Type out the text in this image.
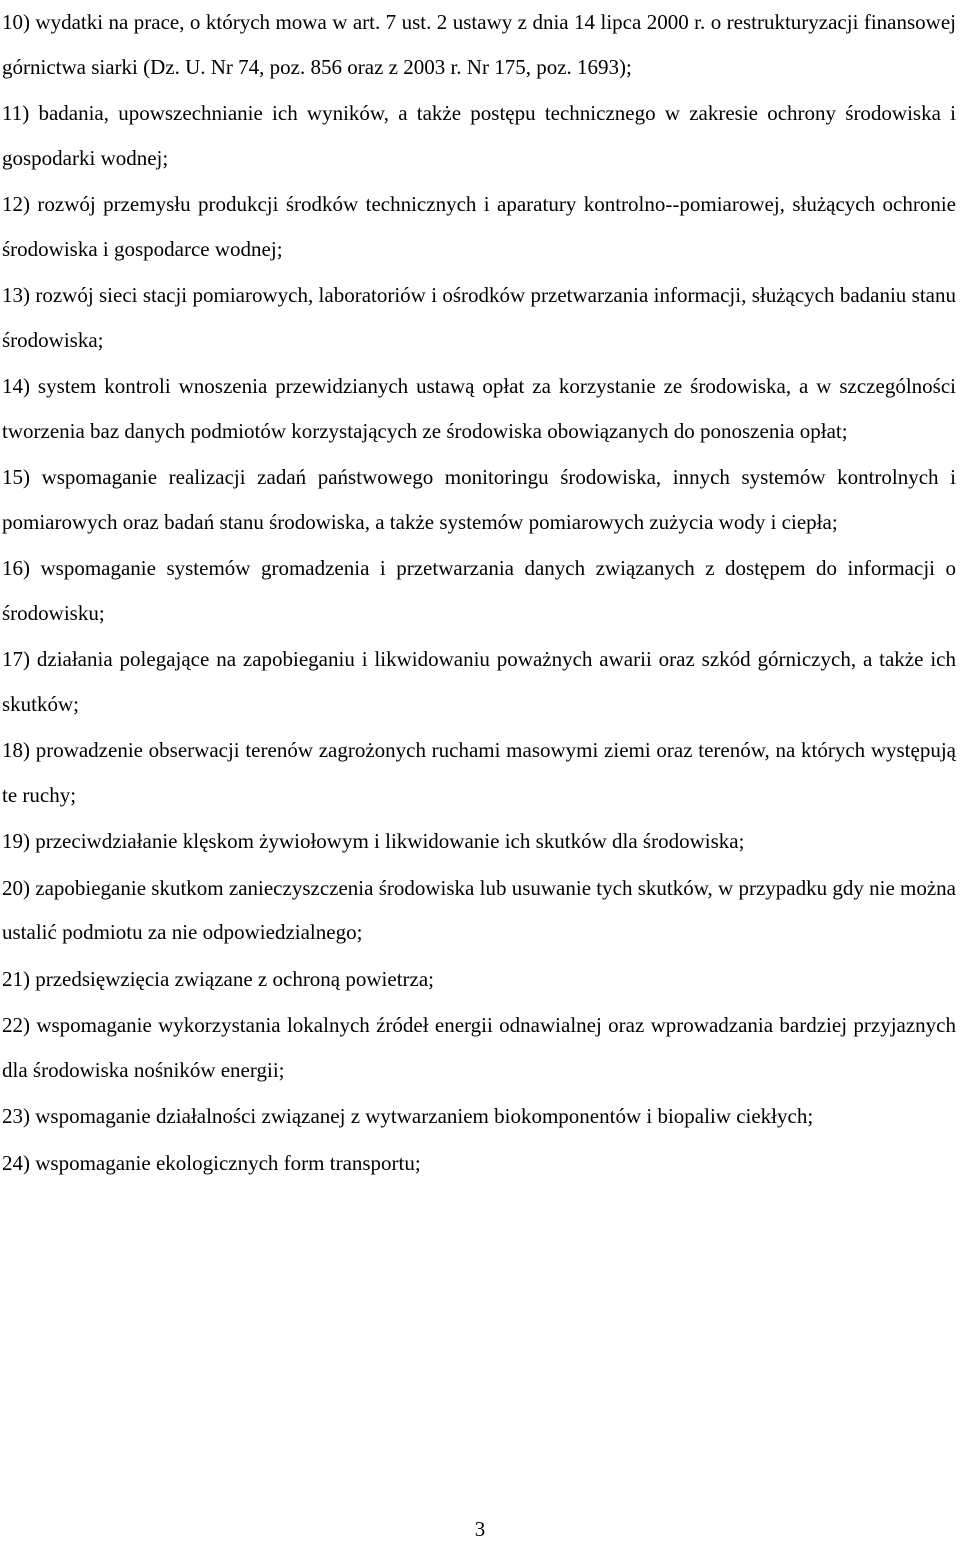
10) wydatki na prace, o których mowa w art. 7 ust. 2 ustawy z dnia 14 lipca 2000 r. o restrukturyzacji finansowej górnictwa siarki (Dz. U. Nr 74, poz. 856 oraz z 2003 r. Nr 175, poz. 1693);

11) badania, upowszechnianie ich wyników, a także postępu technicznego w zakresie ochrony środowiska i gospodarki wodnej;

12) rozwój przemysłu produkcji środków technicznych i aparatury kontrolno--pomiarowej, służących ochronie środowiska i gospodarce wodnej;

13) rozwój sieci stacji pomiarowych, laboratoriów i ośrodków przetwarzania informacji, służących badaniu stanu środowiska;

14) system kontroli wnoszenia przewidzianych ustawą opłat za korzystanie ze środowiska, a w szczególności tworzenia baz danych podmiotów korzystających ze środowiska obowiązanych do ponoszenia opłat;

15) wspomaganie realizacji zadań państwowego monitoringu środowiska, innych systemów kontrolnych i pomiarowych oraz badań stanu środowiska, a także systemów pomiarowych zużycia wody i ciepła;

16) wspomaganie systemów gromadzenia i przetwarzania danych związanych z dostępem do informacji o środowisku;

17) działania polegające na zapobieganiu i likwidowaniu poważnych awarii oraz szkód górniczych, a także ich skutków;

18) prowadzenie obserwacji terenów zagrożonych ruchami masowymi ziemi oraz terenów, na których występują te ruchy;

19) przeciwdziałanie klęskom żywiołowym i likwidowanie ich skutków dla środowiska;

20) zapobieganie skutkom zanieczyszczenia środowiska lub usuwanie tych skutków, w przypadku gdy nie można ustalić podmiotu za nie odpowiedzialnego;

21) przedsięwzięcia związane z ochroną powietrza;

22) wspomaganie wykorzystania lokalnych źródeł energii odnawialnej oraz wprowadzania bardziej przyjaznych dla środowiska nośników energii;

23) wspomaganie działalności związanej z wytwarzaniem biokomponentów i biopaliw ciekłych;

24) wspomaganie ekologicznych form transportu;

3
